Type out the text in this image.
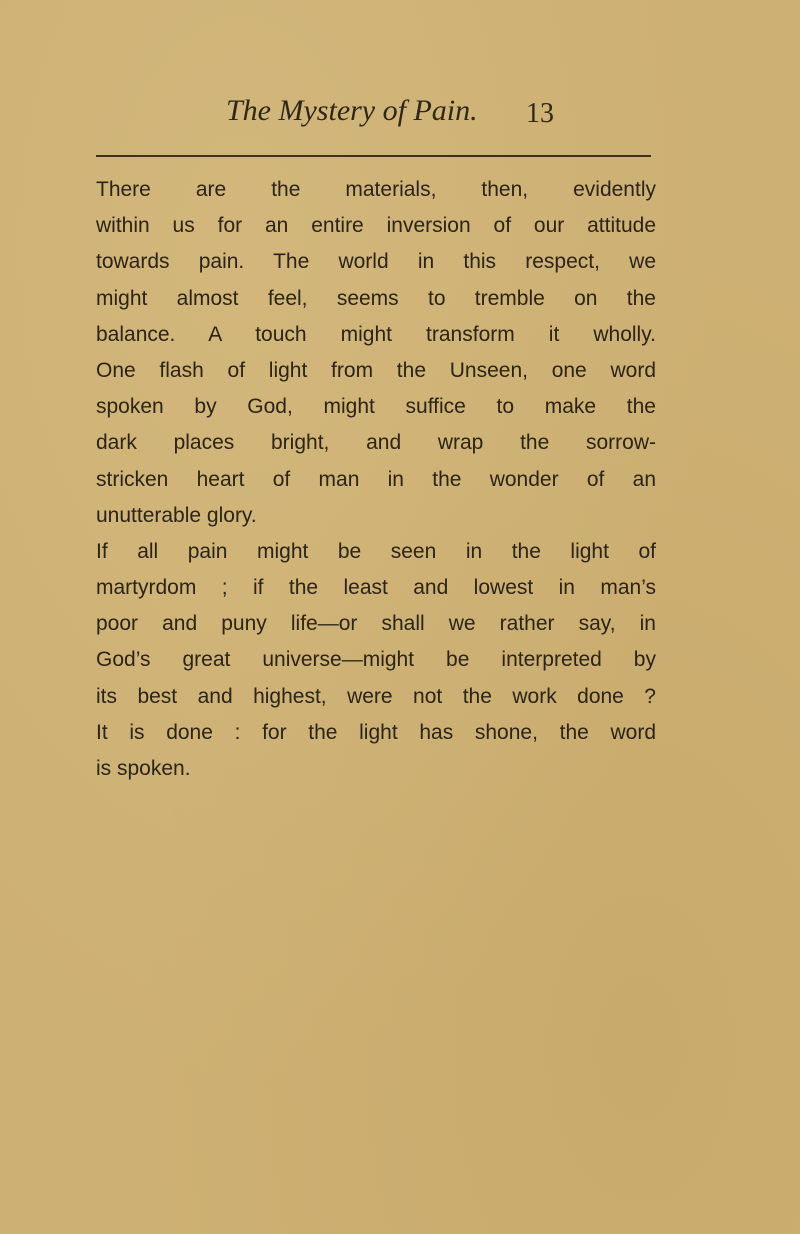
The Mystery of Pain. 13
There are the materials, then, evidently
within us for an entire inversion of our attitude
towards pain. The world in this respect, we
might almost feel, seems to tremble on the
balance. A touch might transform it wholly.
One flash of light from the Unseen, one word
spoken by God, might suffice to make the
dark places bright, and wrap the sorrow-
stricken heart of man in the wonder of an
unutterable glory.
If all pain might be seen in the light of
martyrdom ; if the least and lowest in man’s
poor and puny life—or shall we rather say, in
God’s great universe—might be interpreted by
its best and highest, were not the work done ?
It is done : for the light has shone, the word
is spoken.
